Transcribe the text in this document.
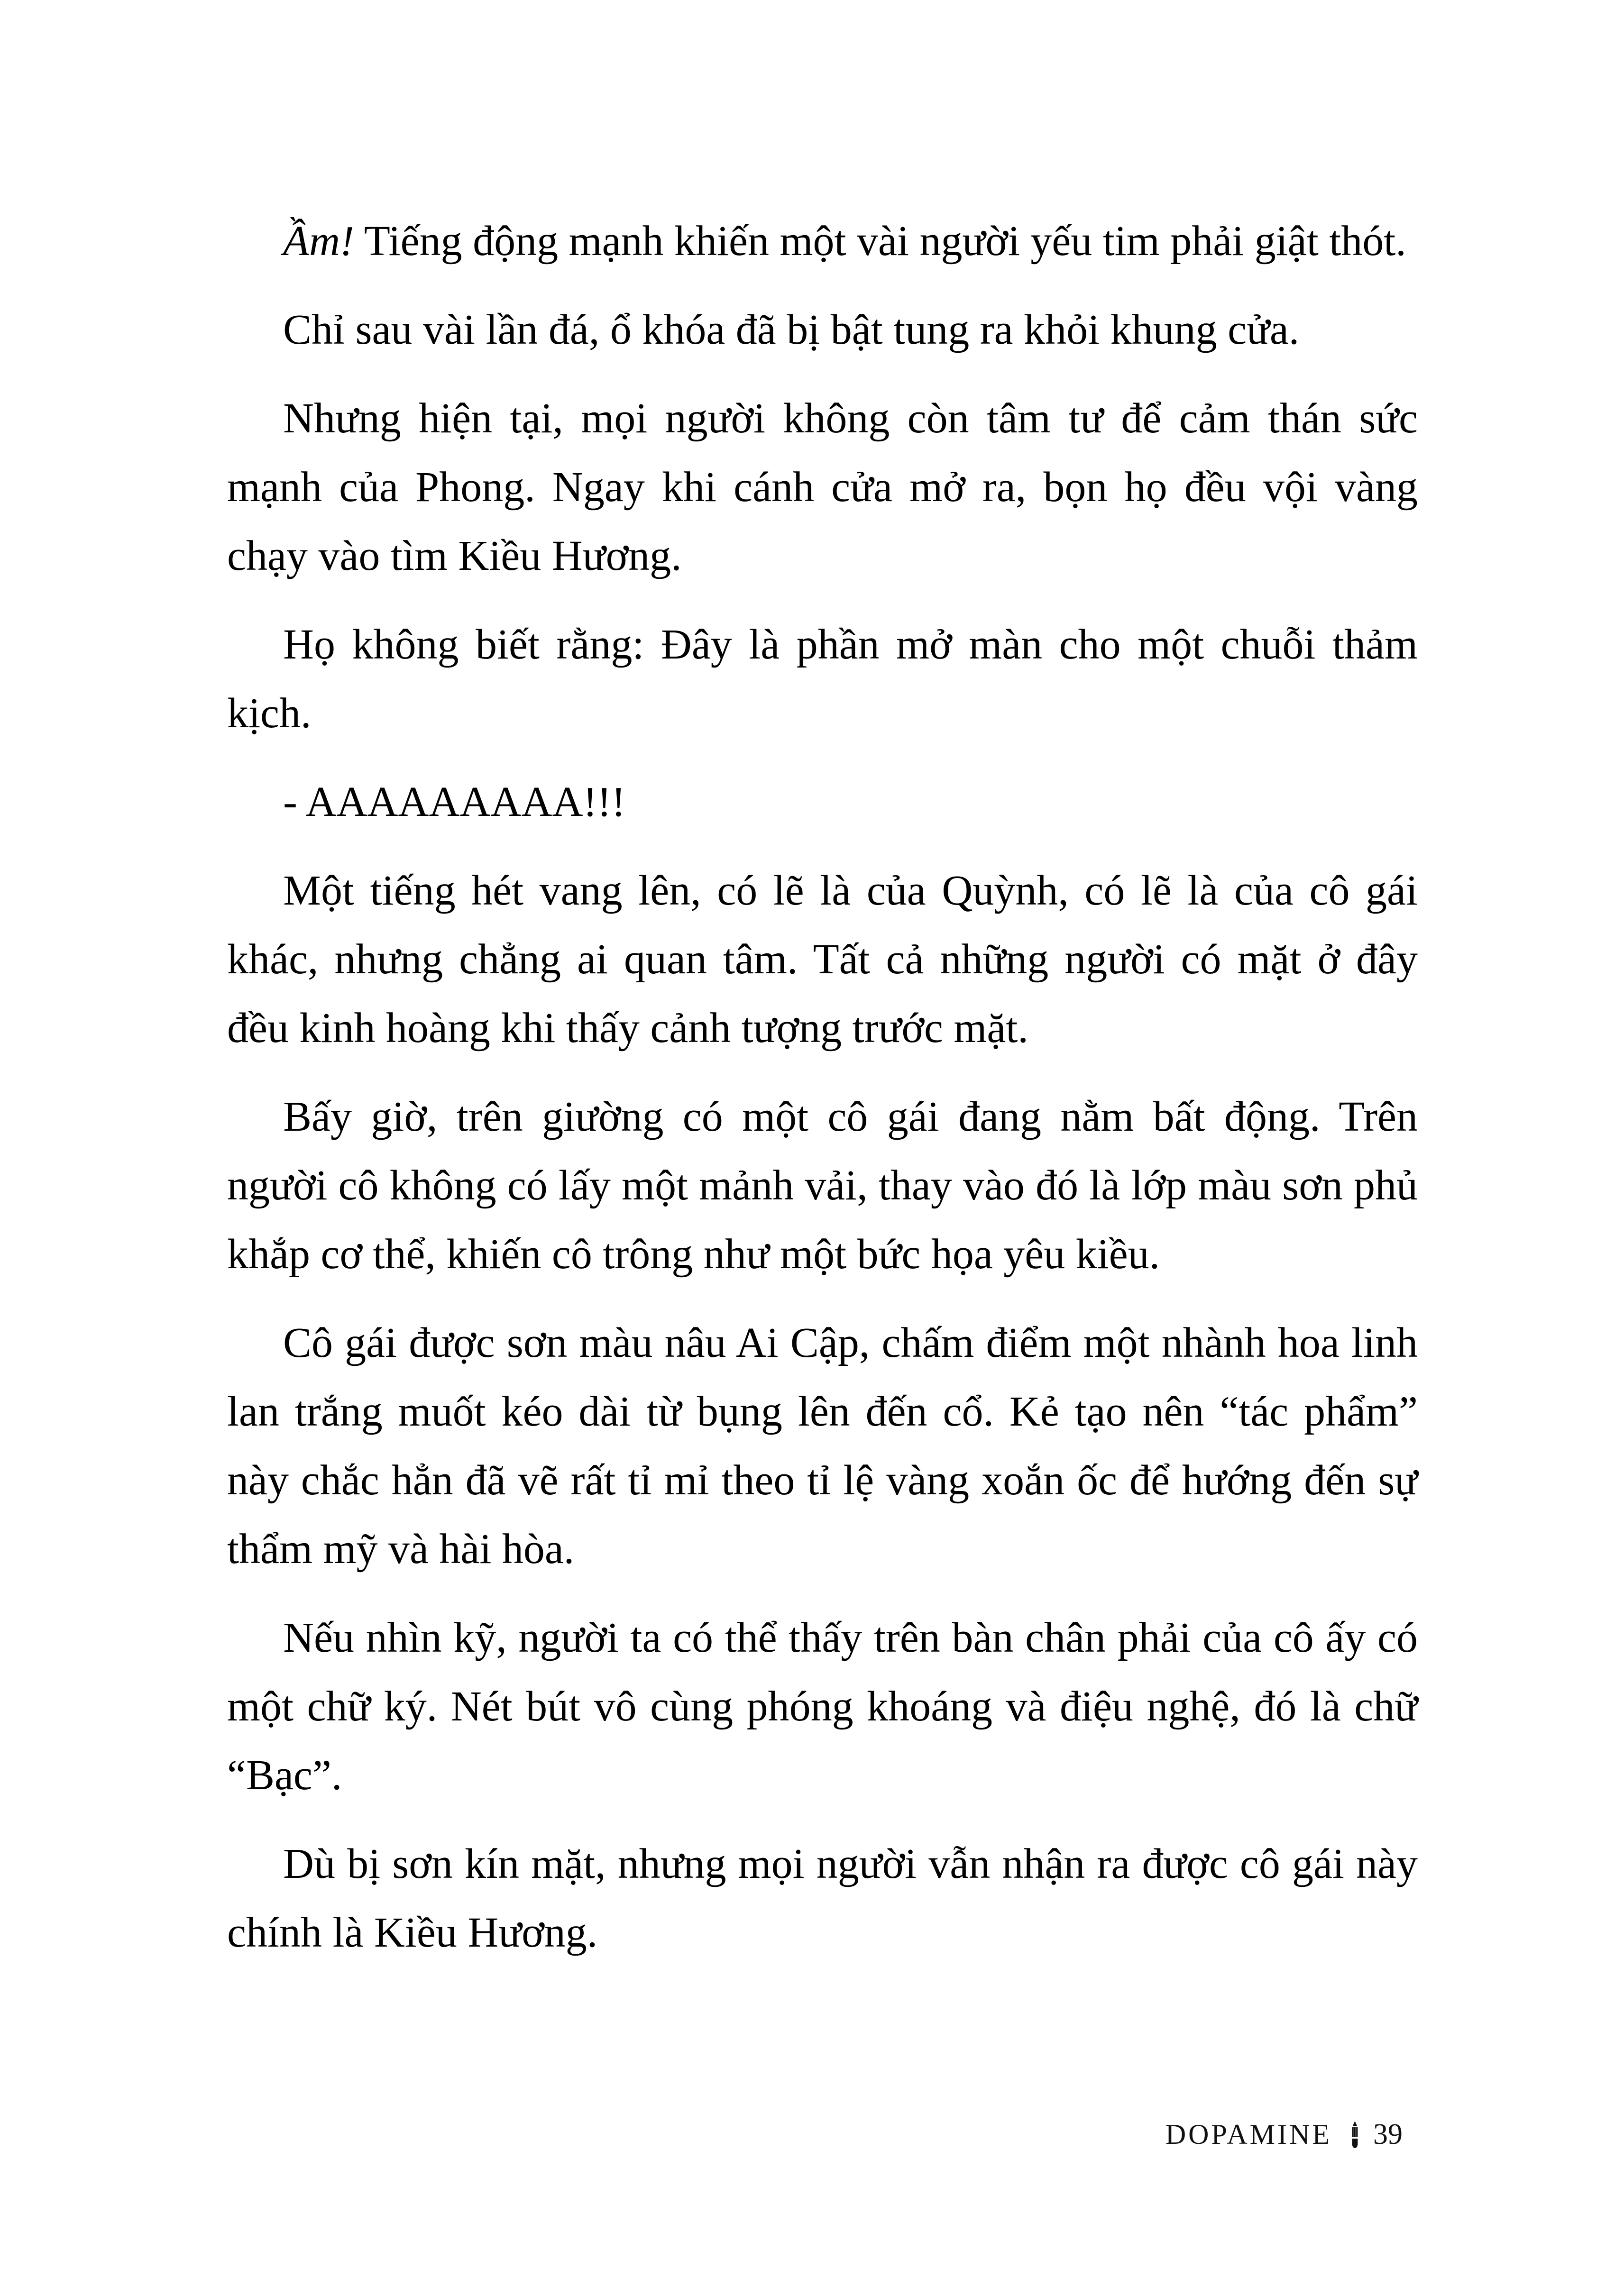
Ầm! Tiếng động mạnh khiến một vài người yếu tim phải giật thót.

Chỉ sau vài lần đá, ổ khóa đã bị bật tung ra khỏi khung cửa.

Nhưng hiện tại, mọi người không còn tâm tư để cảm thán sức mạnh của Phong. Ngay khi cánh cửa mở ra, bọn họ đều vội vàng chạy vào tìm Kiều Hương.

Họ không biết rằng: Đây là phần mở màn cho một chuỗi thảm kịch.

- AAAAAAAAA!!!

Một tiếng hét vang lên, có lẽ là của Quỳnh, có lẽ là của cô gái khác, nhưng chẳng ai quan tâm. Tất cả những người có mặt ở đây đều kinh hoàng khi thấy cảnh tượng trước mặt.

Bấy giờ, trên giường có một cô gái đang nằm bất động. Trên người cô không có lấy một mảnh vải, thay vào đó là lớp màu sơn phủ khắp cơ thể, khiến cô trông như một bức họa yêu kiều.

Cô gái được sơn màu nâu Ai Cập, chấm điểm một nhành hoa linh lan trắng muốt kéo dài từ bụng lên đến cổ. Kẻ tạo nên “tác phẩm” này chắc hẳn đã vẽ rất tỉ mỉ theo tỉ lệ vàng xoắn ốc để hướng đến sự thẩm mỹ và hài hòa.

Nếu nhìn kỹ, người ta có thể thấy trên bàn chân phải của cô ấy có một chữ ký. Nét bút vô cùng phóng khoáng và điệu nghệ, đó là chữ “Bạc”.

Dù bị sơn kín mặt, nhưng mọi người vẫn nhận ra được cô gái này chính là Kiều Hương.

DOPAMINE 39
